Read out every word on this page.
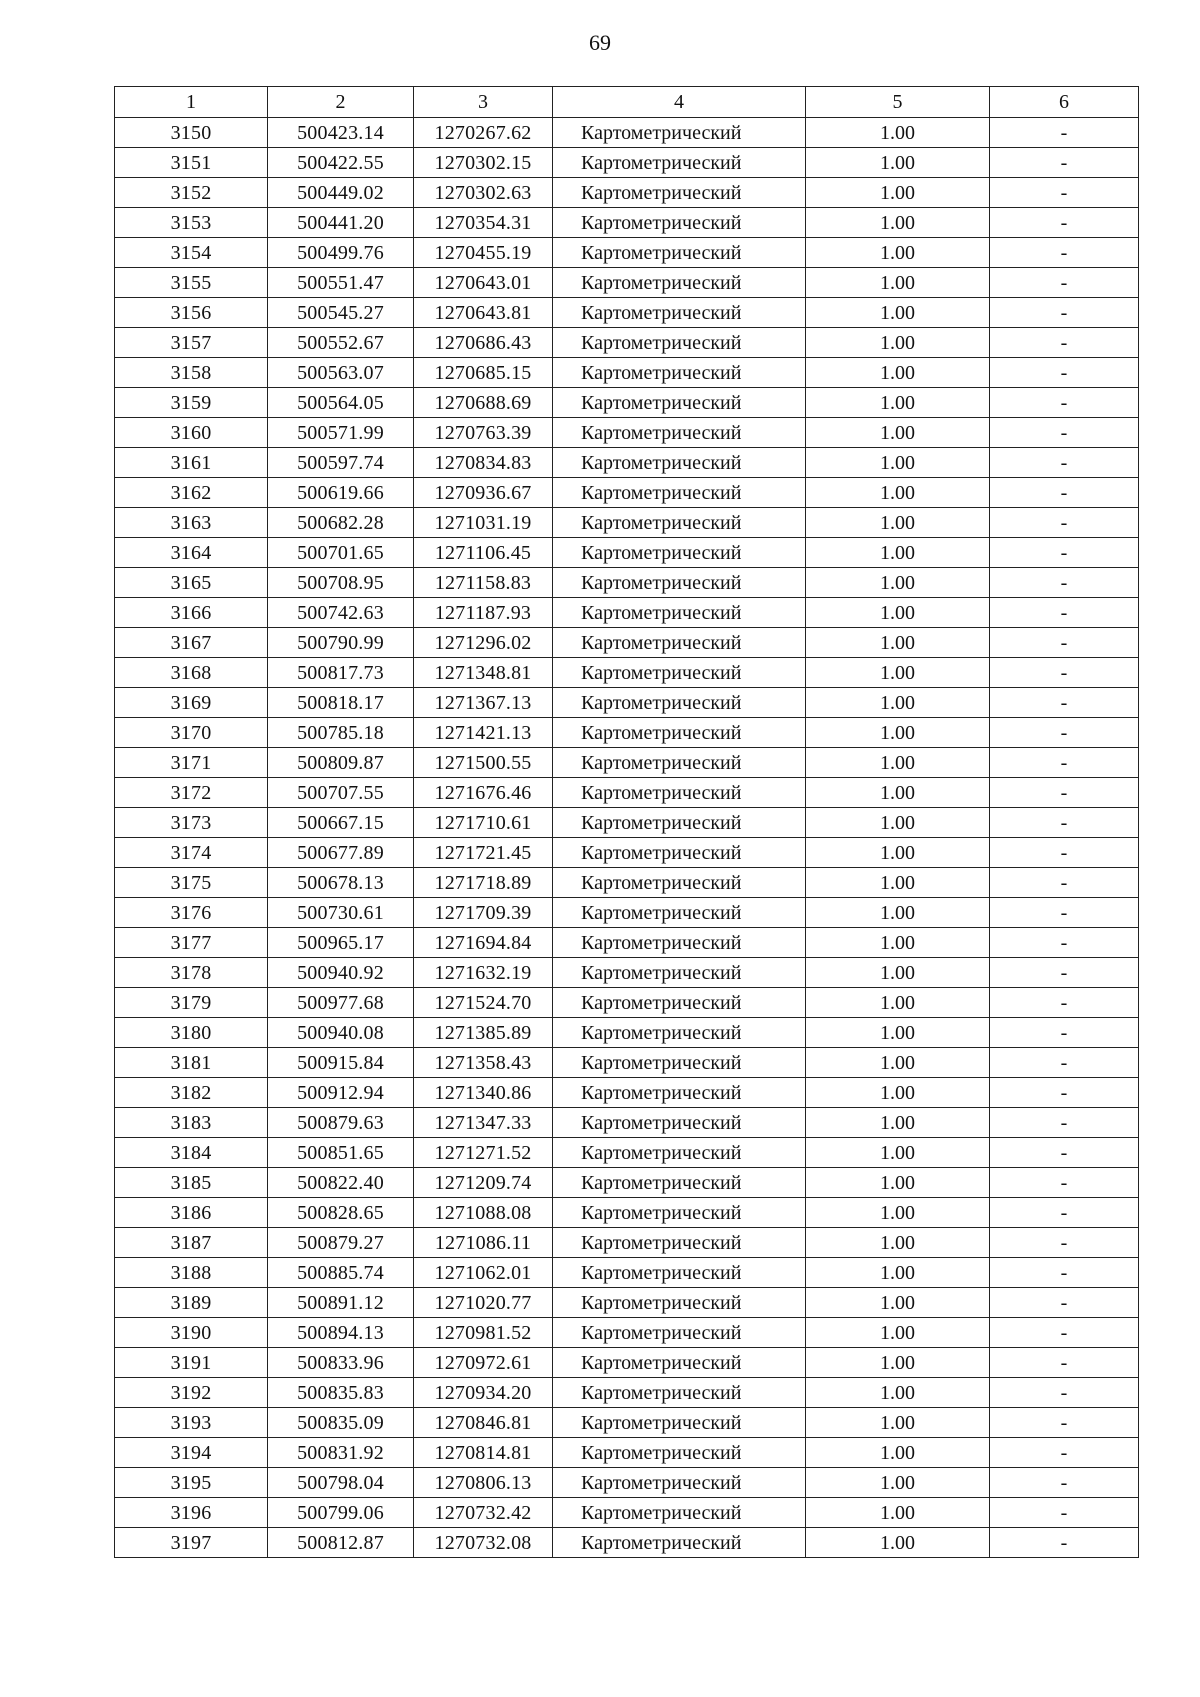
69
1	2	3	4	5	6
3150	500423.14	1270267.62	Картометрический	1.00	-
3151	500422.55	1270302.15	Картометрический	1.00	-
3152	500449.02	1270302.63	Картометрический	1.00	-
3153	500441.20	1270354.31	Картометрический	1.00	-
3154	500499.76	1270455.19	Картометрический	1.00	-
3155	500551.47	1270643.01	Картометрический	1.00	-
3156	500545.27	1270643.81	Картометрический	1.00	-
3157	500552.67	1270686.43	Картометрический	1.00	-
3158	500563.07	1270685.15	Картометрический	1.00	-
3159	500564.05	1270688.69	Картометрический	1.00	-
3160	500571.99	1270763.39	Картометрический	1.00	-
3161	500597.74	1270834.83	Картометрический	1.00	-
3162	500619.66	1270936.67	Картометрический	1.00	-
3163	500682.28	1271031.19	Картометрический	1.00	-
3164	500701.65	1271106.45	Картометрический	1.00	-
3165	500708.95	1271158.83	Картометрический	1.00	-
3166	500742.63	1271187.93	Картометрический	1.00	-
3167	500790.99	1271296.02	Картометрический	1.00	-
3168	500817.73	1271348.81	Картометрический	1.00	-
3169	500818.17	1271367.13	Картометрический	1.00	-
3170	500785.18	1271421.13	Картометрический	1.00	-
3171	500809.87	1271500.55	Картометрический	1.00	-
3172	500707.55	1271676.46	Картометрический	1.00	-
3173	500667.15	1271710.61	Картометрический	1.00	-
3174	500677.89	1271721.45	Картометрический	1.00	-
3175	500678.13	1271718.89	Картометрический	1.00	-
3176	500730.61	1271709.39	Картометрический	1.00	-
3177	500965.17	1271694.84	Картометрический	1.00	-
3178	500940.92	1271632.19	Картометрический	1.00	-
3179	500977.68	1271524.70	Картометрический	1.00	-
3180	500940.08	1271385.89	Картометрический	1.00	-
3181	500915.84	1271358.43	Картометрический	1.00	-
3182	500912.94	1271340.86	Картометрический	1.00	-
3183	500879.63	1271347.33	Картометрический	1.00	-
3184	500851.65	1271271.52	Картометрический	1.00	-
3185	500822.40	1271209.74	Картометрический	1.00	-
3186	500828.65	1271088.08	Картометрический	1.00	-
3187	500879.27	1271086.11	Картометрический	1.00	-
3188	500885.74	1271062.01	Картометрический	1.00	-
3189	500891.12	1271020.77	Картометрический	1.00	-
3190	500894.13	1270981.52	Картометрический	1.00	-
3191	500833.96	1270972.61	Картометрический	1.00	-
3192	500835.83	1270934.20	Картометрический	1.00	-
3193	500835.09	1270846.81	Картометрический	1.00	-
3194	500831.92	1270814.81	Картометрический	1.00	-
3195	500798.04	1270806.13	Картометрический	1.00	-
3196	500799.06	1270732.42	Картометрический	1.00	-
3197	500812.87	1270732.08	Картометрический	1.00	-
